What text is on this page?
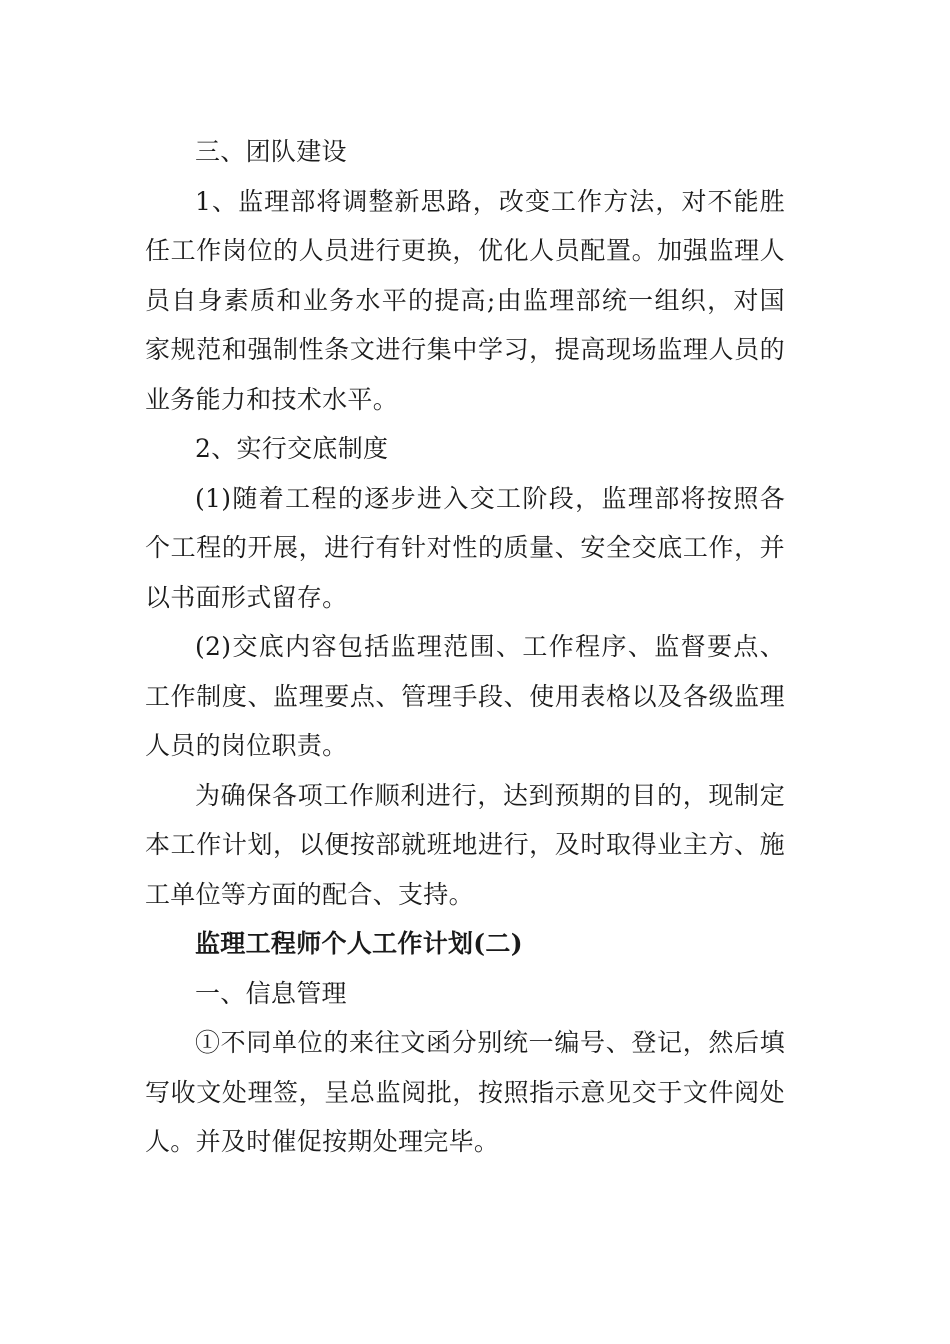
三、团队建设

1、监理部将调整新思路，改变工作方法，对不能胜任工作岗位的人员进行更换，优化人员配置。加强监理人员自身素质和业务水平的提高;由监理部统一组织，对国家规范和强制性条文进行集中学习，提高现场监理人员的业务能力和技术水平。

2、实行交底制度

(1)随着工程的逐步进入交工阶段，监理部将按照各个工程的开展，进行有针对性的质量、安全交底工作，并以书面形式留存。

(2)交底内容包括监理范围、工作程序、监督要点、工作制度、监理要点、管理手段、使用表格以及各级监理人员的岗位职责。

为确保各项工作顺利进行，达到预期的目的，现制定本工作计划，以便按部就班地进行，及时取得业主方、施工单位等方面的配合、支持。

监理工程师个人工作计划(二)

一、信息管理

①不同单位的来往文函分别统一编号、登记，然后填写收文处理签，呈总监阅批，按照指示意见交于文件阅处人。并及时催促按期处理完毕。
